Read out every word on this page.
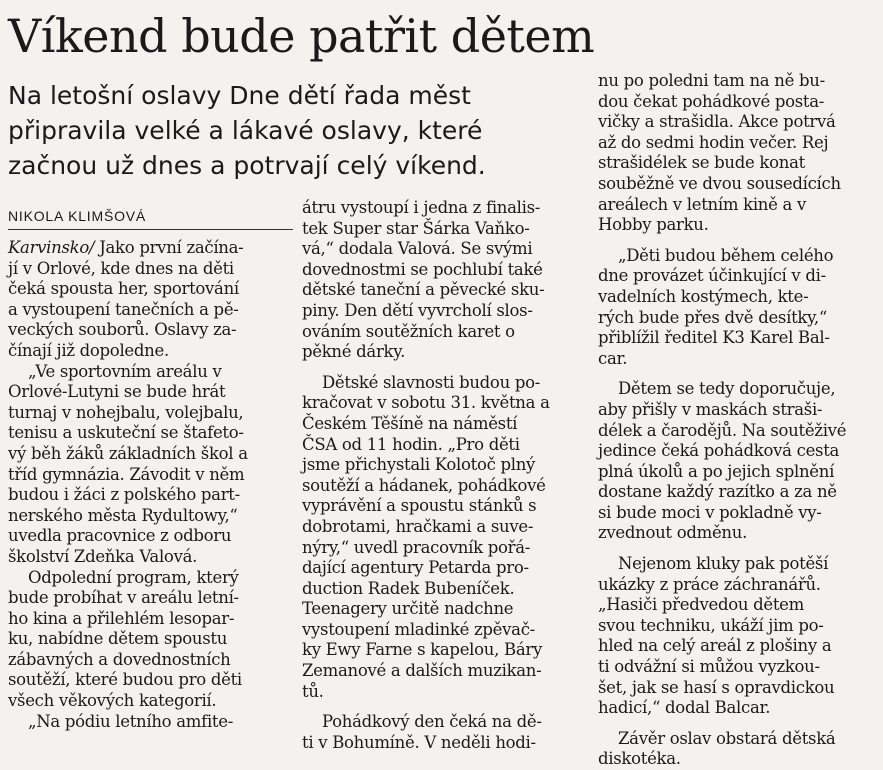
Víkend bude patřit dětem
Na letošní oslavy Dne dětí řada měst
připravila velké a lákavé oslavy, které
začnou už dnes a potrvají celý víkend.
NIKOLA KLIMŠOVÁ
Karvinsko/ Jako první začína-
jí v Orlové, kde dnes na děti
čeká spousta her, sportování
a vystoupení tanečních a pě-
veckých souborů. Oslavy za-
čínají již dopoledne.
„Ve sportovním areálu v
Orlové-Lutyni se bude hrát
turnaj v nohejbalu, volejbalu,
tenisu a uskuteční se štafeto-
vý běh žáků základních škol a
tříd gymnázia. Závodit v něm
budou i žáci z polského part-
nerského města Rydultowy,“
uvedla pracovnice z odboru
školství Zdeňka Valová.
Odpolední program, který
bude probíhat v areálu letní-
ho kina a přilehlém lesopar-
ku, nabídne dětem spoustu
zábavných a dovednostních
soutěží, které budou pro děti
všech věkových kategorií.
„Na pódiu letního amfite-
átru vystoupí i jedna z finalis-
tek Super star Šárka Vaňko-
vá,“ dodala Valová. Se svými
dovednostmi se pochlubí také
dětské taneční a pěvecké sku-
piny. Den dětí vyvrcholí slos-
ováním soutěžních karet o
pěkné dárky.
Dětské slavnosti budou po-
kračovat v sobotu 31. května a
Českém Těšíně na náměstí
ČSA od 11 hodin. „Pro děti
jsme přichystali Kolotoč plný
soutěží a hádanek, pohádkové
vyprávění a spoustu stánků s
dobrotami, hračkami a suve-
nýry,“ uvedl pracovník pořá-
dající agentury Petarda pro-
duction Radek Bubeníček.
Teenagery určitě nadchne
vystoupení mladinké zpěvač-
ky Ewy Farne s kapelou, Báry
Zemanové a dalších muzikan-
tů.
Pohádkový den čeká na dě-
ti v Bohumíně. V neděli hodi-
nu po poledni tam na ně bu-
dou čekat pohádkové posta-
vičky a strašidla. Akce potrvá
až do sedmi hodin večer. Rej
strašidélek se bude konat
souběžně ve dvou sousedících
areálech v letním kině a v
Hobby parku.
„Děti budou během celého
dne provázet účinkující v di-
vadelních kostýmech, kte-
rých bude přes dvě desítky,“
přiblížil ředitel K3 Karel Bal-
car.
Dětem se tedy doporučuje,
aby přišly v maskách straši-
délek a čarodějů. Na soutěživé
jedince čeká pohádková cesta
plná úkolů a po jejich splnění
dostane každý razítko a za ně
si bude moci v pokladně vy-
zvednout odměnu.
Nejenom kluky pak potěší
ukázky z práce záchranářů.
„Hasiči předvedou dětem
svou techniku, ukáží jim po-
hled na celý areál z plošiny a
ti odvážní si můžou vyzkou-
šet, jak se hasí s opravdickou
hadicí,“ dodal Balcar.
Závěr oslav obstará dětská
diskotéka.
